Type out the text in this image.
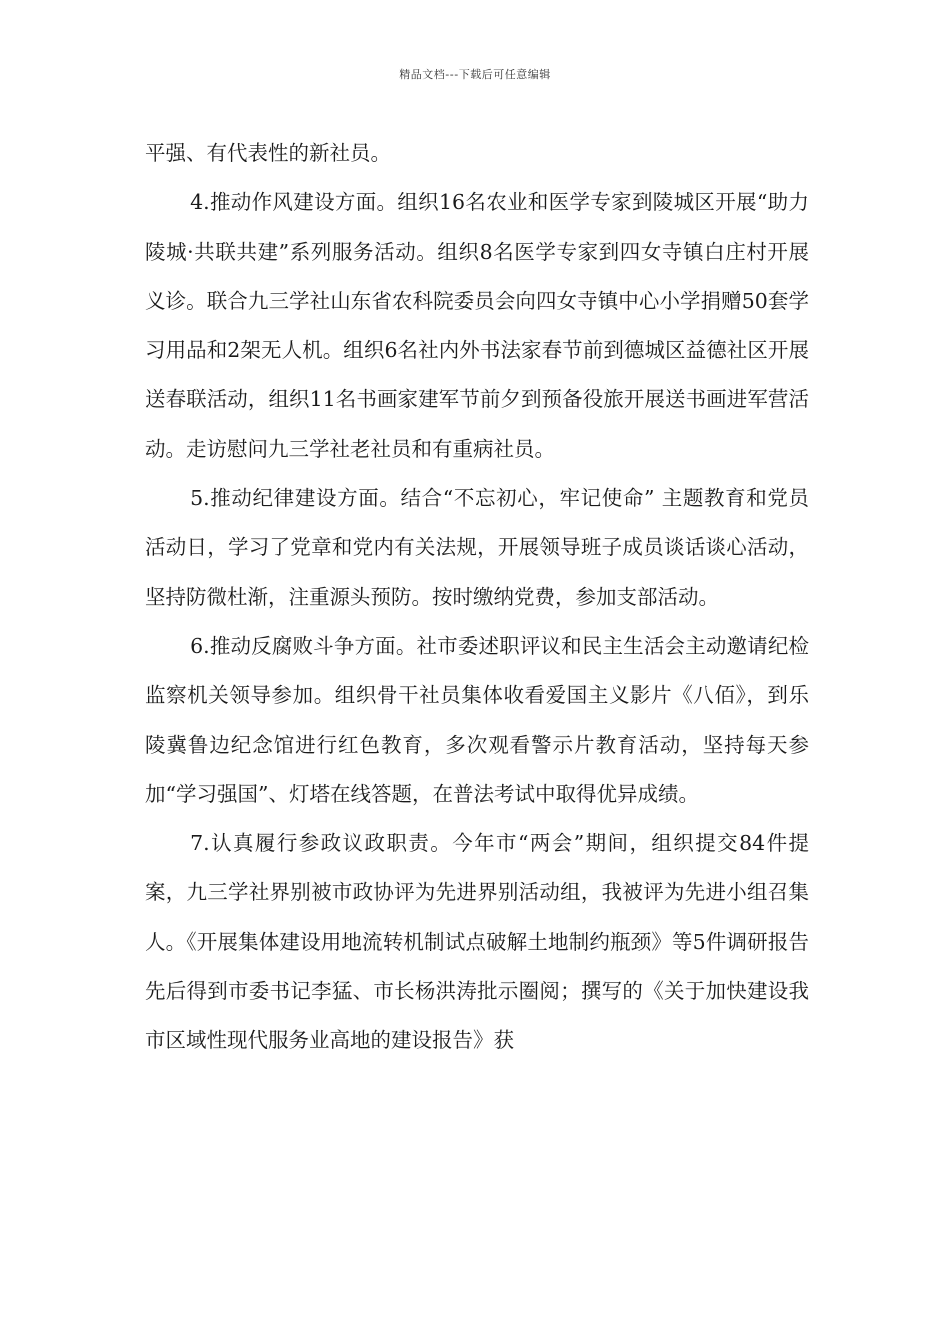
精品文档---下载后可任意编辑

平强、有代表性的新社员。

4.推动作风建设方面。组织16名农业和医学专家到陵城区开展“助力陵城·共联共建”系列服务活动。组织8名医学专家到四女寺镇白庄村开展义诊。联合九三学社山东省农科院委员会向四女寺镇中心小学捐赠50套学习用品和2架无人机。组织6名社内外书法家春节前到德城区益德社区开展送春联活动，组织11名书画家建军节前夕到预备役旅开展送书画进军营活动。走访慰问九三学社老社员和有重病社员。

5.推动纪律建设方面。结合“不忘初心，牢记使命” 主题教育和党员活动日，学习了党章和党内有关法规，开展领导班子成员谈话谈心活动，坚持防微杜渐，注重源头预防。按时缴纳党费，参加支部活动。

6.推动反腐败斗争方面。社市委述职评议和民主生活会主动邀请纪检监察机关领导参加。组织骨干社员集体收看爱国主义影片《八佰》，到乐陵冀鲁边纪念馆进行红色教育，多次观看警示片教育活动，坚持每天参加“学习强国”、灯塔在线答题，在普法考试中取得优异成绩。

7.认真履行参政议政职责。今年市“两会”期间，组织提交84件提案，九三学社界别被市政协评为先进界别活动组，我被评为先进小组召集人。《开展集体建设用地流转机制试点破解土地制约瓶颈》等5件调研报告先后得到市委书记李猛、市长杨洪涛批示圈阅；撰写的《关于加快建设我市区域性现代服务业高地的建设报告》获
